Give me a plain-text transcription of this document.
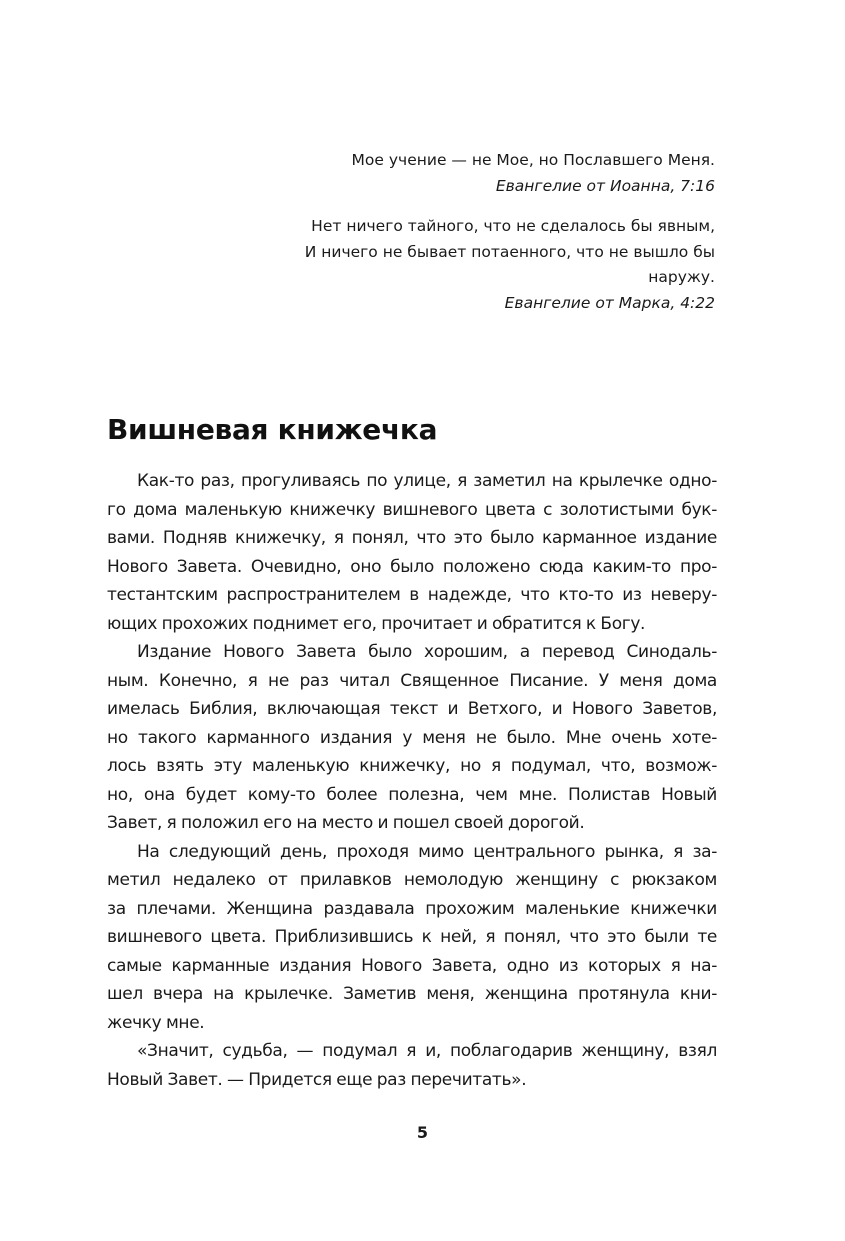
Мое учение — не Мое, но Пославшего Меня.
Евангелие от Иоанна, 7:16
Нет ничего тайного, что не сделалось бы явным,
И ничего не бывает потаенного, что не вышло бы
наружу.
Евангелие от Марка, 4:22
Вишневая книжечка
Как-то раз, прогуливаясь по улице, я заметил на крылечке одно-
го дома маленькую книжечку вишневого цвета с золотистыми бук-
вами. Подняв книжечку, я понял, что это было карманное издание
Нового Завета. Очевидно, оно было положено сюда каким-то про-
тестантским распространителем в надежде, что кто-то из неверу-
ющих прохожих поднимет его, прочитает и обратится к Богу.
Издание Нового Завета было хорошим, а перевод Синодаль-
ным. Конечно, я не раз читал Священное Писание. У меня дома
имелась Библия, включающая текст и Ветхого, и Нового Заветов,
но такого карманного издания у меня не было. Мне очень хоте-
лось взять эту маленькую книжечку, но я подумал, что, возмож-
но, она будет кому-то более полезна, чем мне. Полистав Новый
Завет, я положил его на место и пошел своей дорогой.
На следующий день, проходя мимо центрального рынка, я за-
метил недалеко от прилавков немолодую женщину с рюкзаком
за плечами. Женщина раздавала прохожим маленькие книжечки
вишневого цвета. Приблизившись к ней, я понял, что это были те
самые карманные издания Нового Завета, одно из которых я на-
шел вчера на крылечке. Заметив меня, женщина протянула кни-
жечку мне.
«Значит, судьба, — подумал я и, поблагодарив женщину, взял
Новый Завет. — Придется еще раз перечитать».
5
